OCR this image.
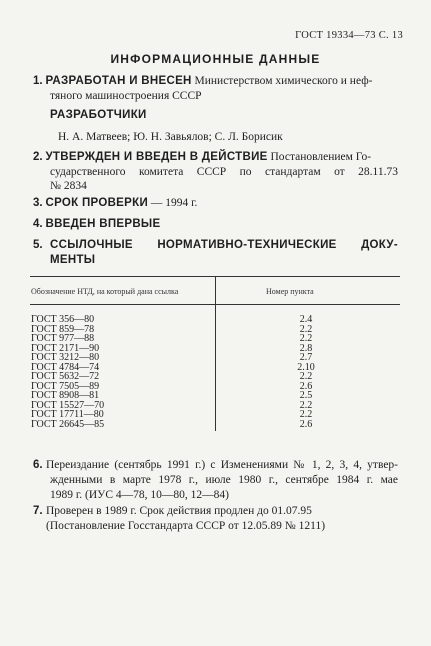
ГОСТ 19334—73 С. 13
ИНФОРМАЦИОННЫЕ ДАННЫЕ
1. РАЗРАБОТАН И ВНЕСЕН Министерством химического и неф-
тяного машиностроения СССР
РАЗРАБОТЧИКИ
Н. А. Матвеев; Ю. Н. Завьялов; С. Л. Борисик
2. УТВЕРЖДЕН И ВВЕДЕН В ДЕЙСТВИЕ Постановлением Го-
сударственного комитета СССР по стандартам от 28.11.73
№ 2834
3. СРОК ПРОВЕРКИ — 1994 г.
4. ВВЕДЕН ВПЕРВЫЕ
5. ССЫЛОЧНЫЕ НОРМАТИВНО-ТЕХНИЧЕСКИЕ ДОКУ-
МЕНТЫ
Обозначение НТД, на который дана ссылка	Номер пункта
ГОСТ 356—80
ГОСТ 859—78
ГОСТ 977—88
ГОСТ 2171—90
ГОСТ 3212—80
ГОСТ 4784—74
ГОСТ 5632—72
ГОСТ 7505—89
ГОСТ 8908—81
ГОСТ 15527—70
ГОСТ 17711—80
ГОСТ 26645—85
2.4
2.2
2.2
2.8
2.7
2.10
2.2
2.6
2.5
2.2
2.2
2.6
6. Переиздание (сентябрь 1991 г.) с Изменениями № 1, 2, 3, 4, утвер-
жденными в марте 1978 г., июле 1980 г., сентябре 1984 г. мае
1989 г. (ИУС 4—78, 10—80, 12—84)
7. Проверен в 1989 г. Срок действия продлен до 01.07.95
(Постановление Госстандарта СССР от 12.05.89 № 1211)
